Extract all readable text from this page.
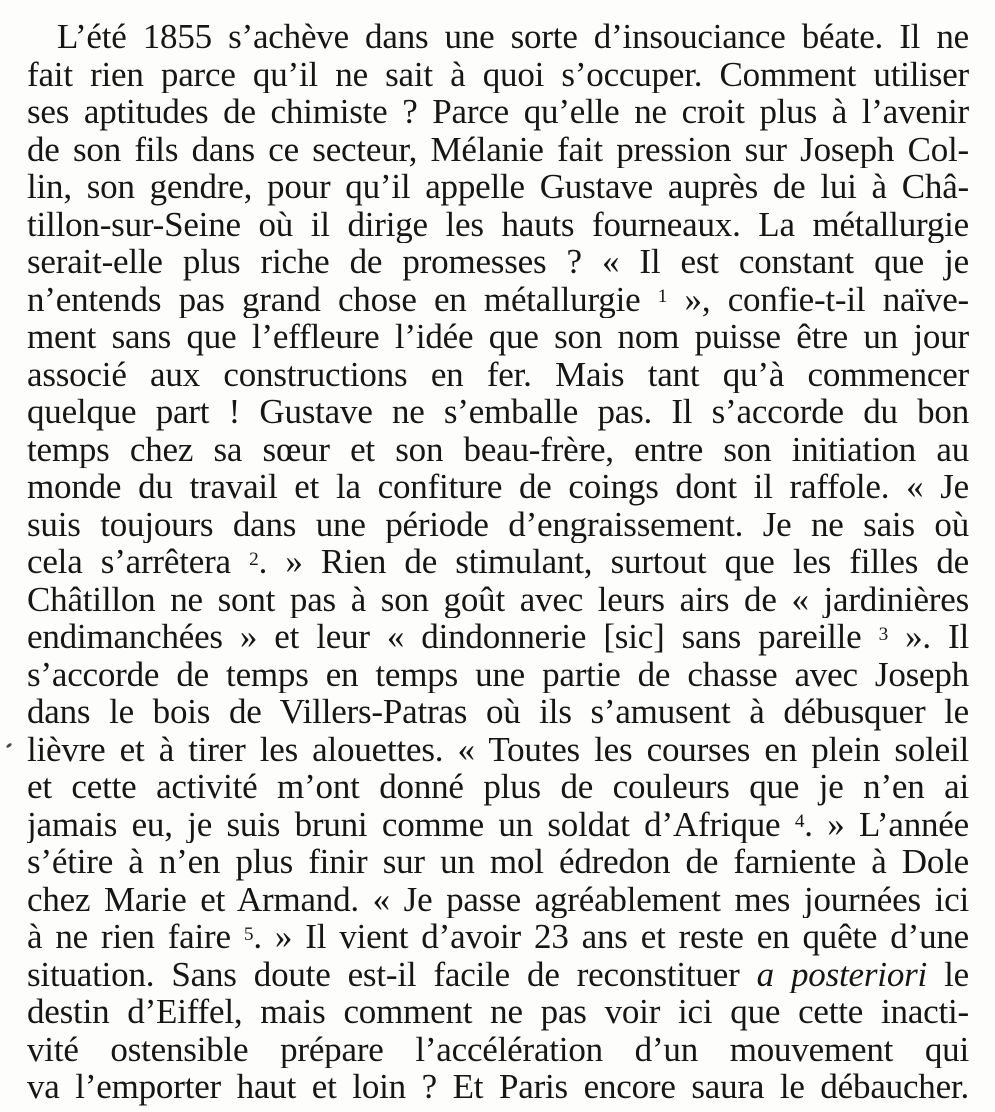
L’été 1855 s’achève dans une sorte d’insouciance béate. Il ne
fait rien parce qu’il ne sait à quoi s’occuper. Comment utiliser
ses aptitudes de chimiste ? Parce qu’elle ne croit plus à l’avenir
de son fils dans ce secteur, Mélanie fait pression sur Joseph Col-
lin, son gendre, pour qu’il appelle Gustave auprès de lui à Châ-
tillon-sur-Seine où il dirige les hauts fourneaux. La métallurgie
serait-elle plus riche de promesses ? « Il est constant que je
n’entends pas grand chose en métallurgie $^1$ », confie-t-il naïve-
ment sans que l’effleure l’idée que son nom puisse être un jour
associé aux constructions en fer. Mais tant qu’à commencer
quelque part ! Gustave ne s’emballe pas. Il s’accorde du bon
temps chez sa sœur et son beau-frère, entre son initiation au
monde du travail et la confiture de coings dont il raffole. « Je
suis toujours dans une période d’engraissement. Je ne sais où
cela s’arrêtera $^2$. » Rien de stimulant, surtout que les filles de
Châtillon ne sont pas à son goût avec leurs airs de « jardinières
endimanchées » et leur « dindonnerie [sic] sans pareille $^3$ ». Il
s’accorde de temps en temps une partie de chasse avec Joseph
dans le bois de Villers-Patras où ils s’amusent à débusquer le
lièvre et à tirer les alouettes. « Toutes les courses en plein soleil
et cette activité m’ont donné plus de couleurs que je n’en ai
jamais eu, je suis bruni comme un soldat d’Afrique $^4$. » L’année
s’étire à n’en plus finir sur un mol édredon de farniente à Dole
chez Marie et Armand. « Je passe agréablement mes journées ici
à ne rien faire $^5$. » Il vient d’avoir 23 ans et reste en quête d’une
situation. Sans doute est-il facile de reconstituer a posteriori le
destin d’Eiffel, mais comment ne pas voir ici que cette inacti-
vité ostensible prépare l’accélération d’un mouvement qui
va l’emporter haut et loin ? Et Paris encore saura le débaucher.
